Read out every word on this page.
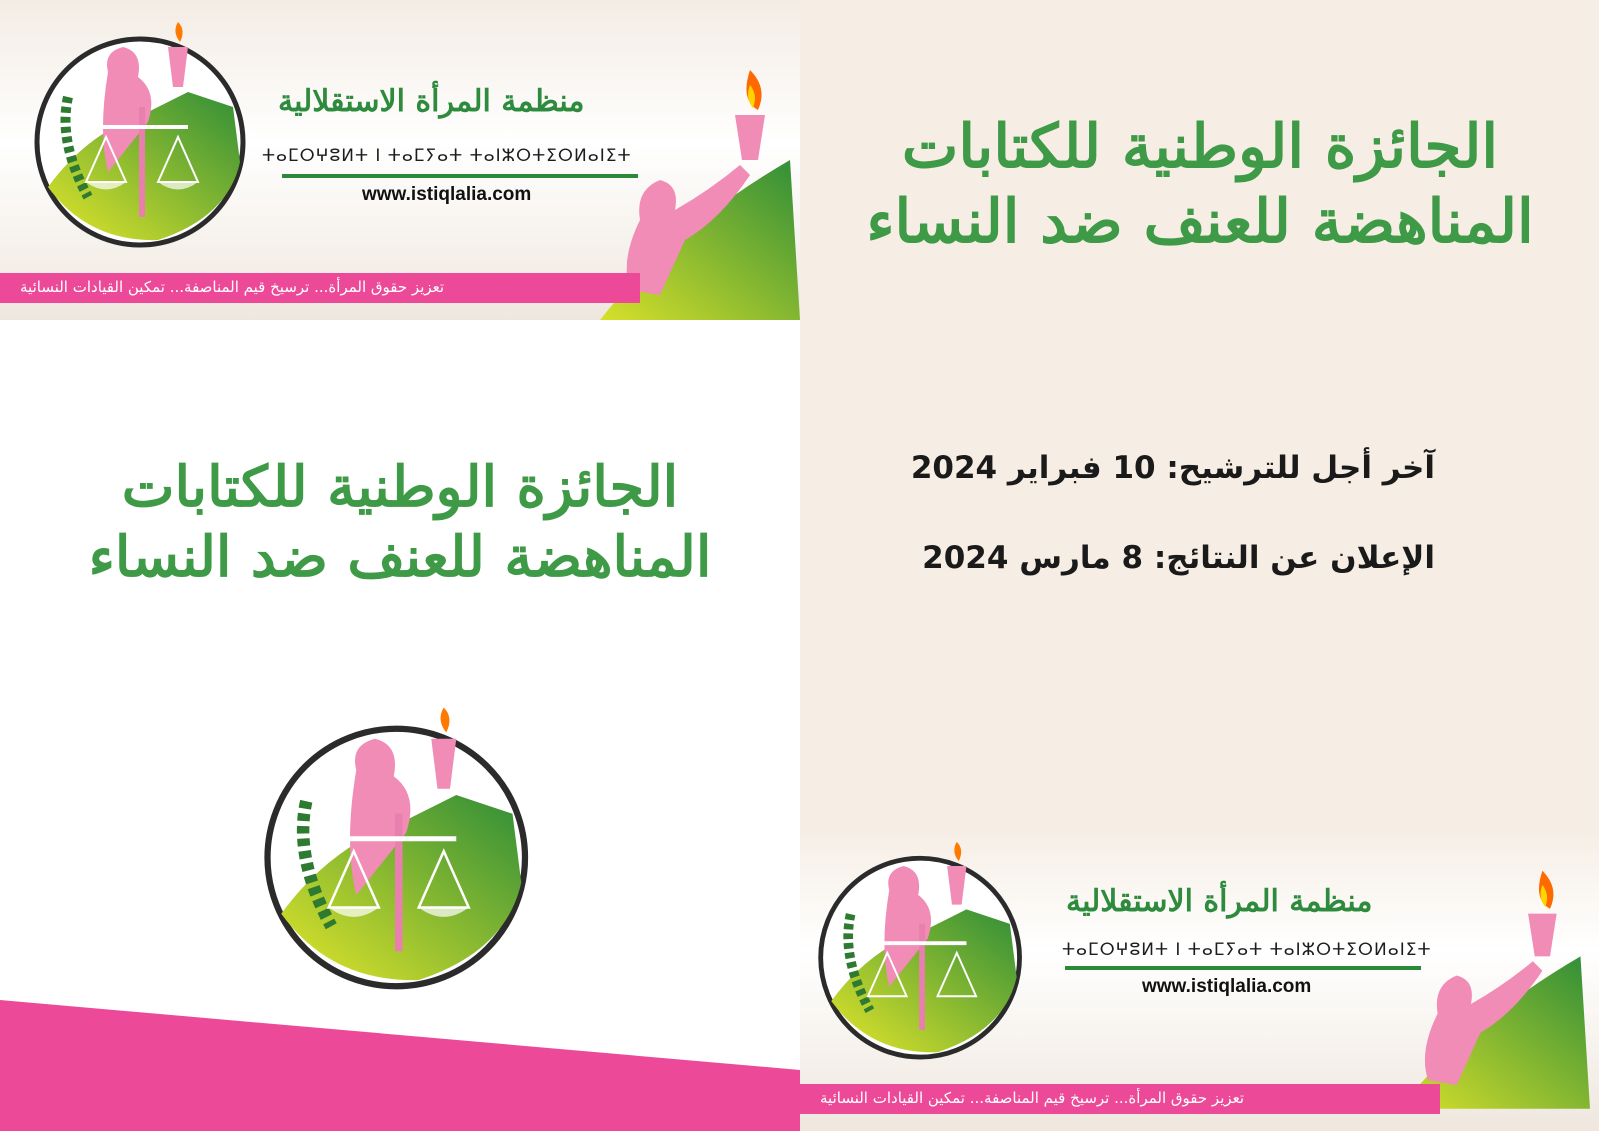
منظمة المرأة الاستقلالية
ⵜⴰⵎⵔⵖⵓⵍⵜ ⵏ ⵜⴰⵎⵢⴰⵜ ⵜⴰⵏⵣⵔⵜⵉⵔⵍⴰⵏⵉⵜ
www.istiqlalia.com
تعزيز حقوق المرأة... ترسيخ قيم المناصفة... تمكين القيادات النسائية
الجائزة الوطنية للكتابات
المناهضة للعنف ضد النساء
الجائزة الوطنية للكتابات
المناهضة للعنف ضد النساء
آخر أجل للترشيح: 10 فبراير 2024
الإعلان عن النتائج: 8 مارس 2024
منظمة المرأة الاستقلالية
ⵜⴰⵎⵔⵖⵓⵍⵜ ⵏ ⵜⴰⵎⵢⴰⵜ ⵜⴰⵏⵣⵔⵜⵉⵔⵍⴰⵏⵉⵜ
www.istiqlalia.com
تعزيز حقوق المرأة... ترسيخ قيم المناصفة... تمكين القيادات النسائية
